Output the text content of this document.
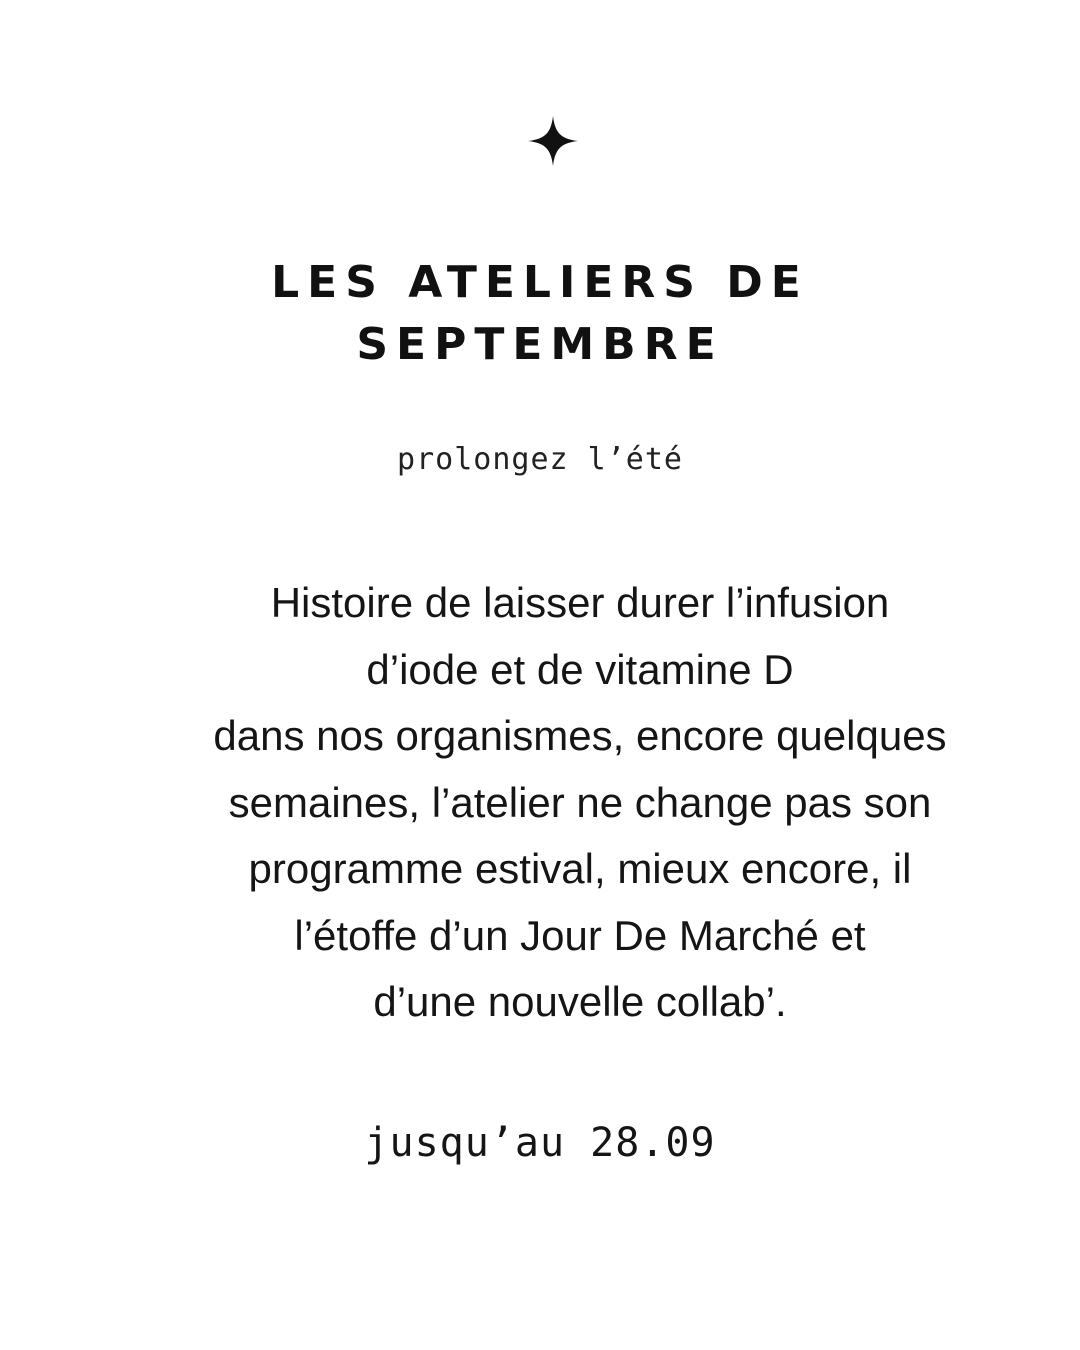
LES ATELIERS DE
SEPTEMBRE
prolongez l’été
Histoire de laisser durer l’infusion
d’iode et de vitamine D
dans nos organismes, encore quelques
semaines, l’atelier ne change pas son
programme estival, mieux encore, il
l’étoffe d’un Jour De Marché et
d’une nouvelle collab’.
jusqu’au 28.09
